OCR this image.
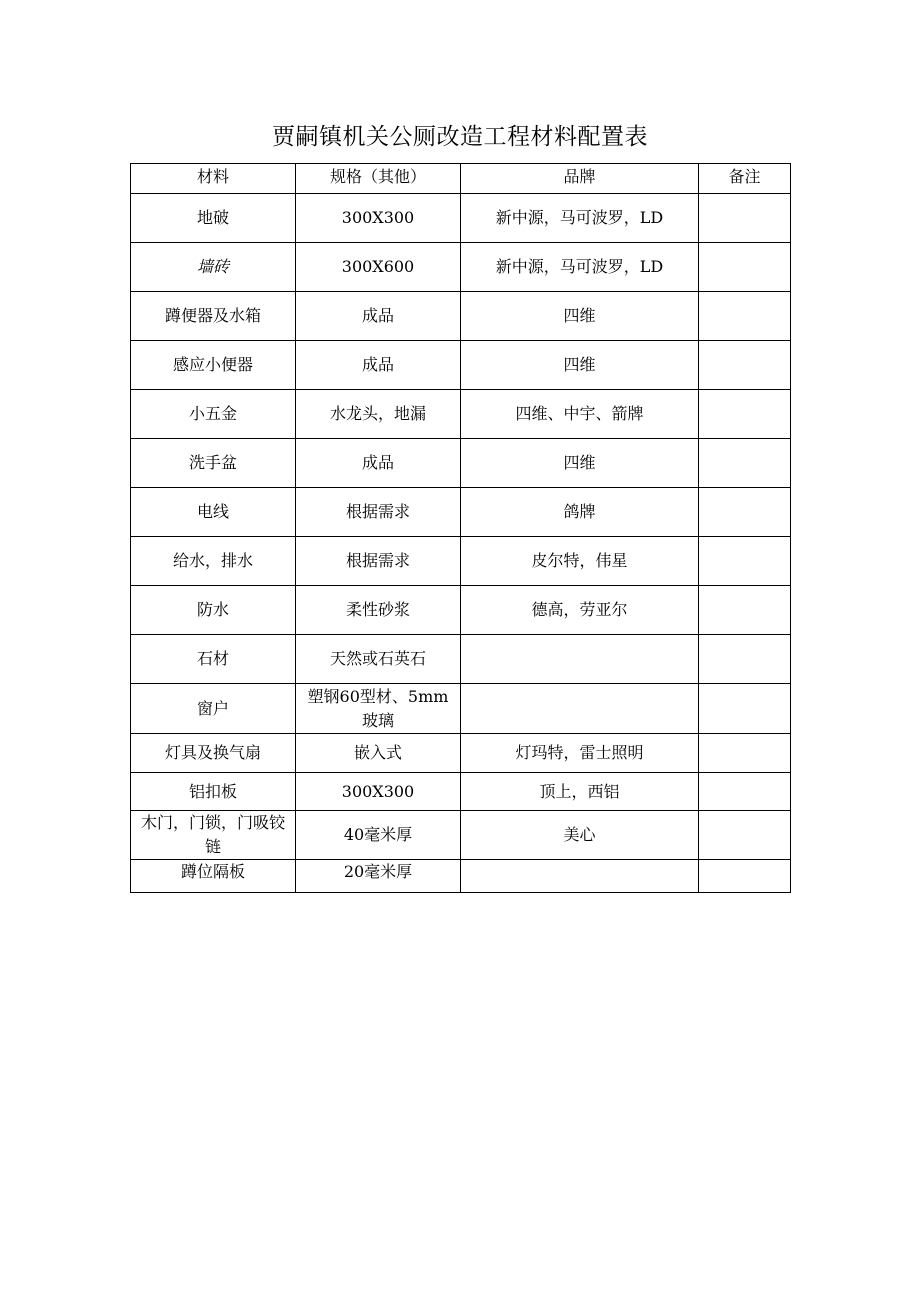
贾嗣镇机关公厕改造工程材料配置表
材料	规格（其他）	品牌	备注
地破	300X300	新中源，马可波罗，LD	
墙砖	300X600	新中源，马可波罗，LD	
蹲便器及水箱	成品	四维	
感应小便器	成品	四维	
小五金	水龙头，地漏	四维、中宇、箭牌	
洗手盆	成品	四维	
电线	根据需求	鸽牌	
给水，排水	根据需求	皮尔特，伟星	
防水	柔性砂浆	德高，劳亚尔	
石材	天然或石英石		
窗户	塑钢60型材、5mm玻璃		
灯具及换气扇	嵌入式	灯玛特，雷士照明	
铝扣板	300X300	顶上，西铝	
木门，门锁，门吸铰链	40毫米厚	美心	
蹲位隔板	20毫米厚		
